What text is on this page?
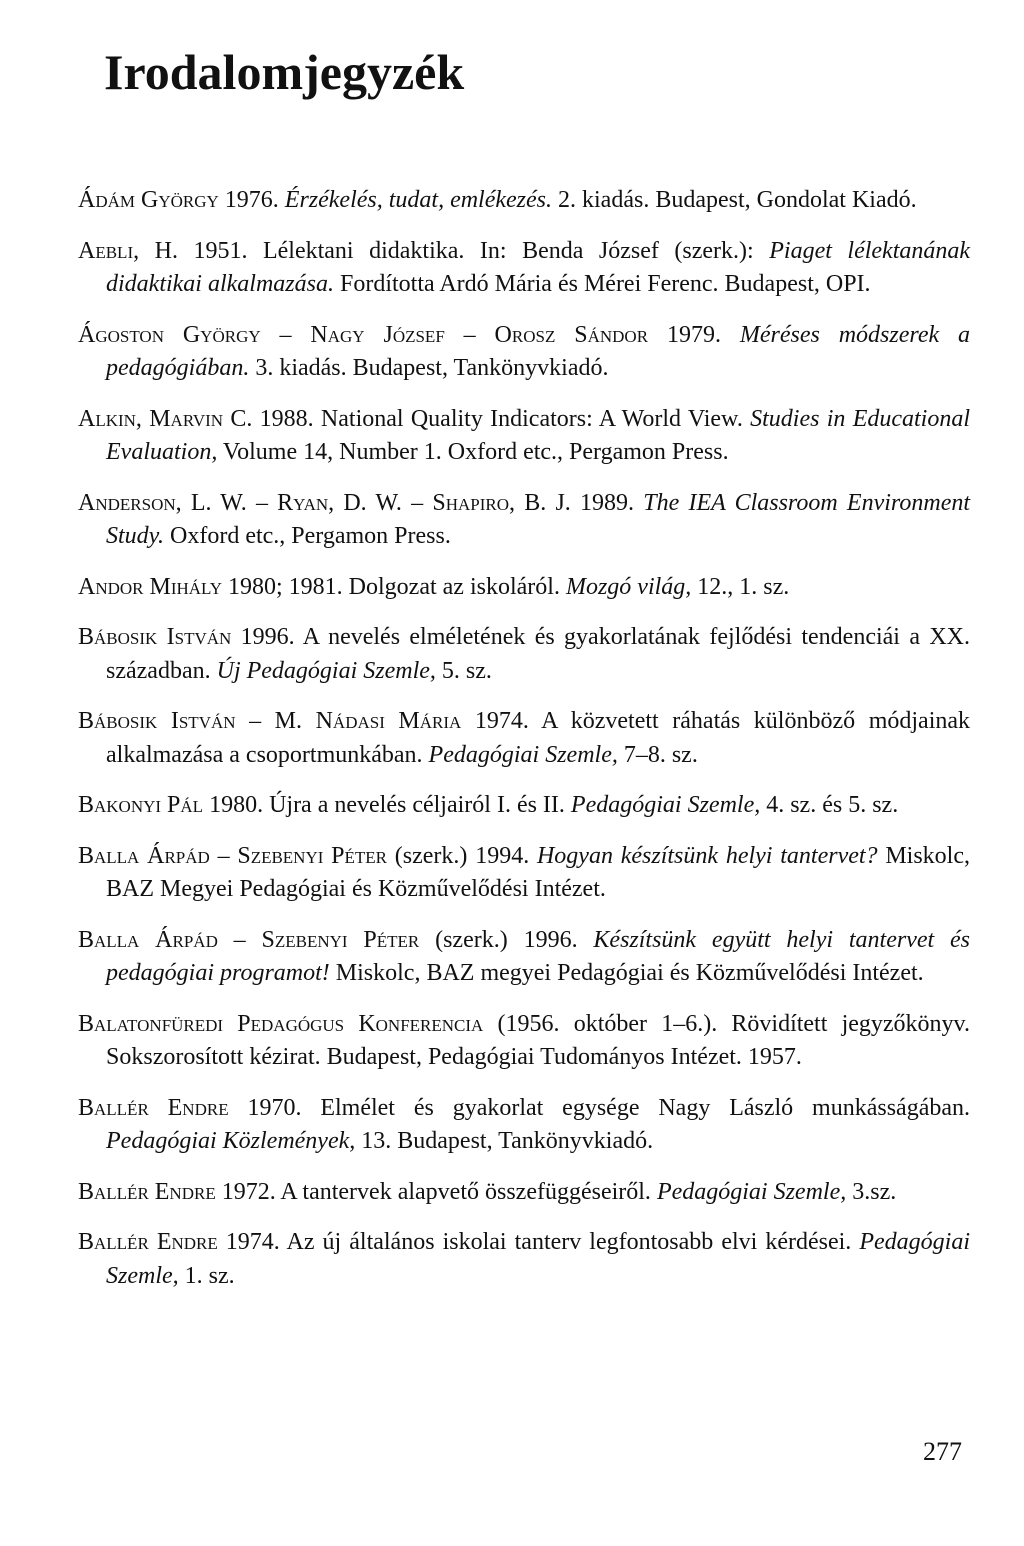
Irodalomjegyzék

Ádám György 1976. Érzékelés, tudat, emlékezés. 2. kiadás. Budapest, Gondolat Kiadó.

Aebli, H. 1951. Lélektani didaktika. In: Benda József (szerk.): Piaget lélektanának didaktikai alkalmazása. Fordította Ardó Mária és Mérei Ferenc. Budapest, OPI.

Ágoston György – Nagy József – Orosz Sándor 1979. Méréses módszerek a pedagógiában. 3. kiadás. Budapest, Tankönyvkiadó.

Alkin, Marvin C. 1988. National Quality Indicators: A World View. Studies in Educational Evaluation, Volume 14, Number 1. Oxford etc., Pergamon Press.

Anderson, L. W. – Ryan, D. W. – Shapiro, B. J. 1989. The IEA Classroom Environment Study. Oxford etc., Pergamon Press.

Andor Mihály 1980; 1981. Dolgozat az iskoláról. Mozgó világ, 12., 1. sz.

Bábosik István 1996. A nevelés elméletének és gyakorlatának fejlődési tendenciái a XX. században. Új Pedagógiai Szemle, 5. sz.

Bábosik István – M. Nádasi Mária 1974. A közvetett ráhatás különböző módjainak alkalmazása a csoportmunkában. Pedagógiai Szemle, 7–8. sz.

Bakonyi Pál 1980. Újra a nevelés céljairól I. és II. Pedagógiai Szemle, 4. sz. és 5. sz.

Balla Árpád – Szebenyi Péter (szerk.) 1994. Hogyan készítsünk helyi tantervet? Miskolc, BAZ Megyei Pedagógiai és Közművelődési Intézet.

Balla Árpád – Szebenyi Péter (szerk.) 1996. Készítsünk együtt helyi tantervet és pedagógiai programot! Miskolc, BAZ megyei Pedagógiai és Közművelődési Intézet.

Balatonfüredi Pedagógus Konferencia (1956. október 1–6.). Rövidített jegyzőkönyv. Sokszorosított kézirat. Budapest, Pedagógiai Tudományos Intézet. 1957.

Ballér Endre 1970. Elmélet és gyakorlat egysége Nagy László munkásságában. Pedagógiai Közlemények, 13. Budapest, Tankönyvkiadó.

Ballér Endre 1972. A tantervek alapvető összefüggéseiről. Pedagógiai Szemle, 3.sz.

Ballér Endre 1974. Az új általános iskolai tanterv legfontosabb elvi kérdései. Pedagógiai Szemle, 1. sz.

277
